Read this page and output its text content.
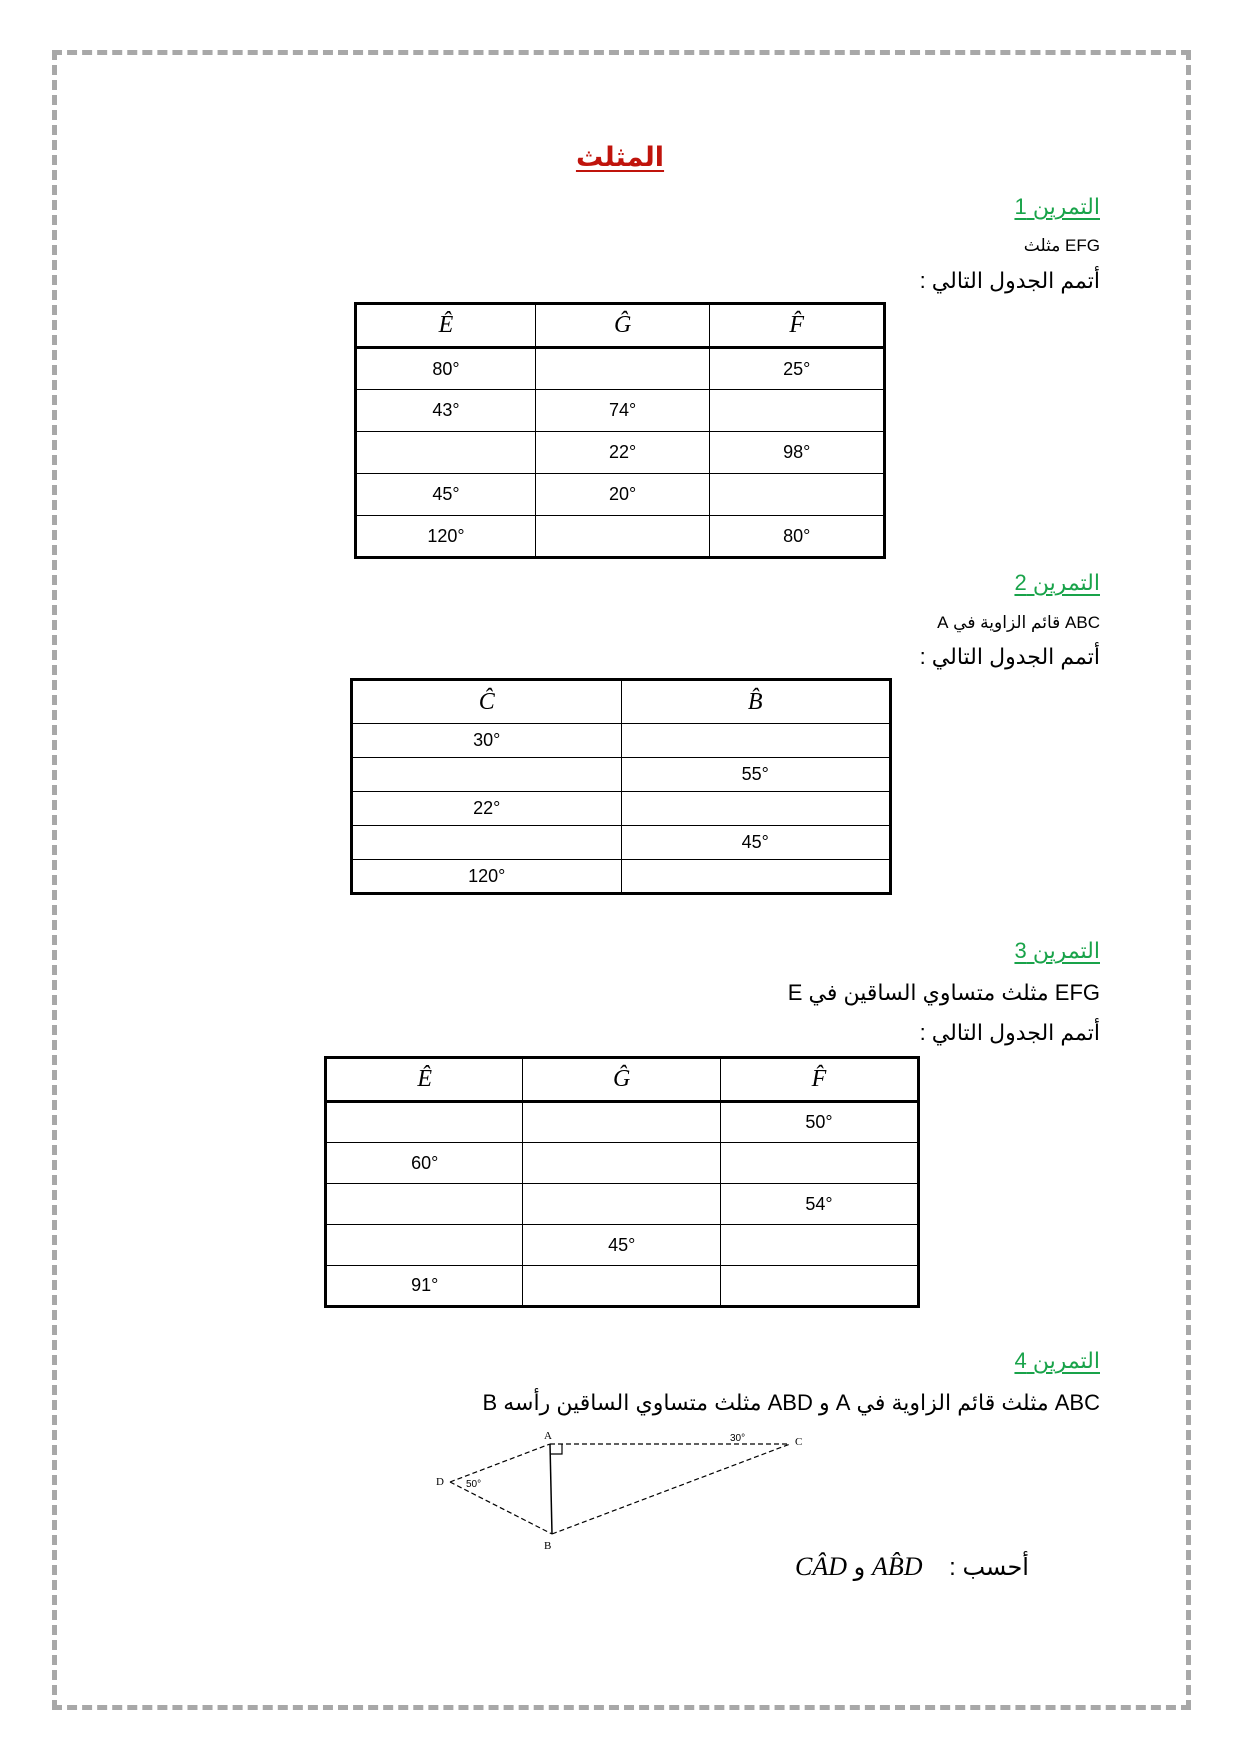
المثلث
التمرين 1
EFG مثلث
أتمم الجدول التالي :
Ê	Ĝ	F̂
80°		25°
43°	74°	
	22°	98°
45°	20°	
120°		80°
التمرين 2
ABC قائم الزاوية في A
أتمم الجدول التالي :
Ĉ	B̂
30°	
	55°
22°	
	45°
120°	
التمرين 3
EFG مثلث متساوي الساقين في E
أتمم الجدول التالي :
Ê	Ĝ	F̂
		50°
60°		
		54°
	45°	
91°		
التمرين 4
ABC مثلث قائم الزاوية في A و ABD مثلث متساوي الساقين رأسه B
A
B
C
D 50°
30°
CÂD و AB̂D أحسب :
